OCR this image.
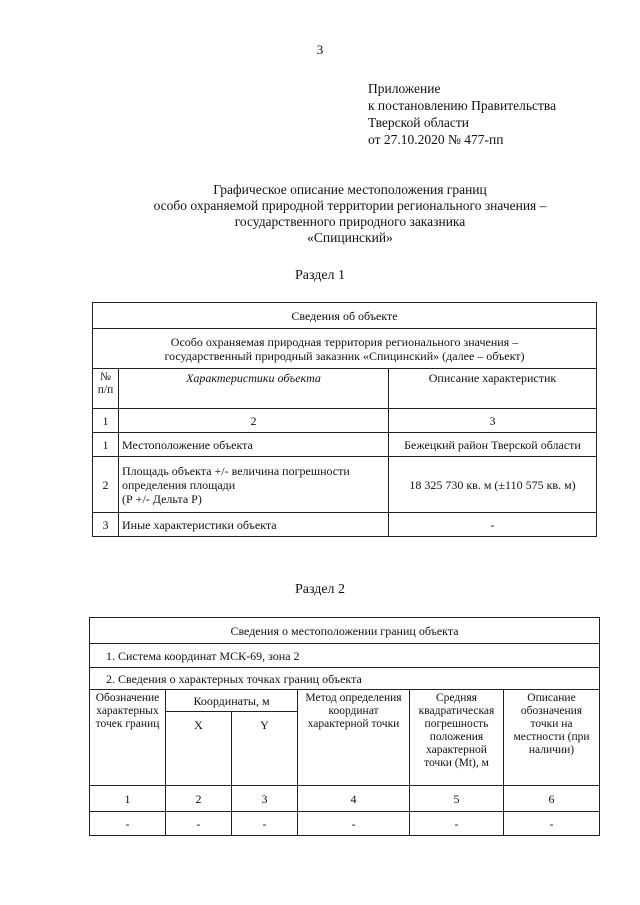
3
Приложение
к постановлению Правительства
Тверской области
от 27.10.2020 № 477-пп
Графическое описание местоположения границ
особо охраняемой природной территории регионального значения –
государственного природного заказника
«Спицинский»
Раздел 1
Сведения об объекте		

Особо охраняемая природная территория регионального значения –
государственный природный заказник «Спицинский» (далее – объект)		

№ п/п	Характеристики объекта	Описание характеристик
1	2	3
1	Местоположение объекта	Бежецкий район Тверской области
2	Площадь объекта +/- величина погрешности
определения площади
(Р +/- Дельта Р)	18 325 730 кв. м (±110 575 кв. м)
3	Иные характеристики объекта	-
Раздел 2
Сведения о местоположении границ объекта					
1. Система координат МСК-69, зона 2					
2. Сведения о характерных точках границ объекта					
Обозначение характерных точек границ	Координаты, м		Метод определения координат характерной точки	Средняя квадратическая погрешность положения характерной точки (Mt), м	Описание обозначения точки на местности (при наличии)
	X	Y			
1	2	3	4	5	6
-	-	-	-	-	-
